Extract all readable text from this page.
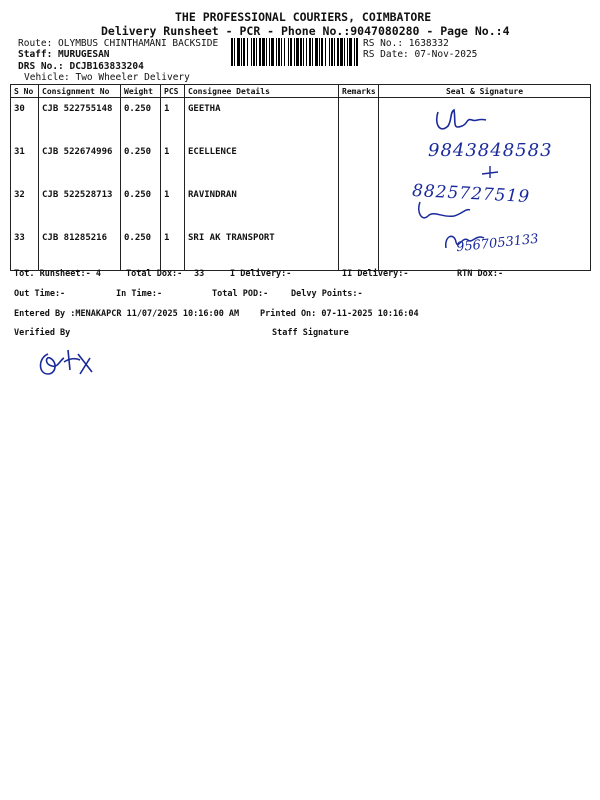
THE PROFESSIONAL COURIERS, COIMBATORE
Delivery Runsheet - PCR - Phone No.:9047080280 - Page No.:4
Route: OLYMBUS CHINTHAMANI BACKSIDE
Staff: MURUGESAN
DRS No.: DCJB163833204
Vehicle: Two Wheeler Delivery
RS No.: 1638332
RS Date: 07-Nov-2025
S No	Consignment No	Weight	PCS	Consignee Details	Remarks	Seal & Signature
30	CJB 522755148	0.250	1	GEETHA		
31	CJB 522674996	0.250	1	ECELLENCE		
32	CJB 522528713	0.250	1	RAVINDRAN		
33	CJB 81285216	0.250	1	SRI AK TRANSPORT		
9843848583
8825727519
9567053133
Tot. Runsheet:- 4	Total Dox:- 33	I Delivery:-	II Delivery:-	RTN Dox:-
Out Time:-	In Time:-	Total POD:-	Delvy Points:-
Entered By :MENAKAPCR 11/07/2025 10:16:00 AM Printed On: 07-11-2025 10:16:04
Verified By	Staff Signature
